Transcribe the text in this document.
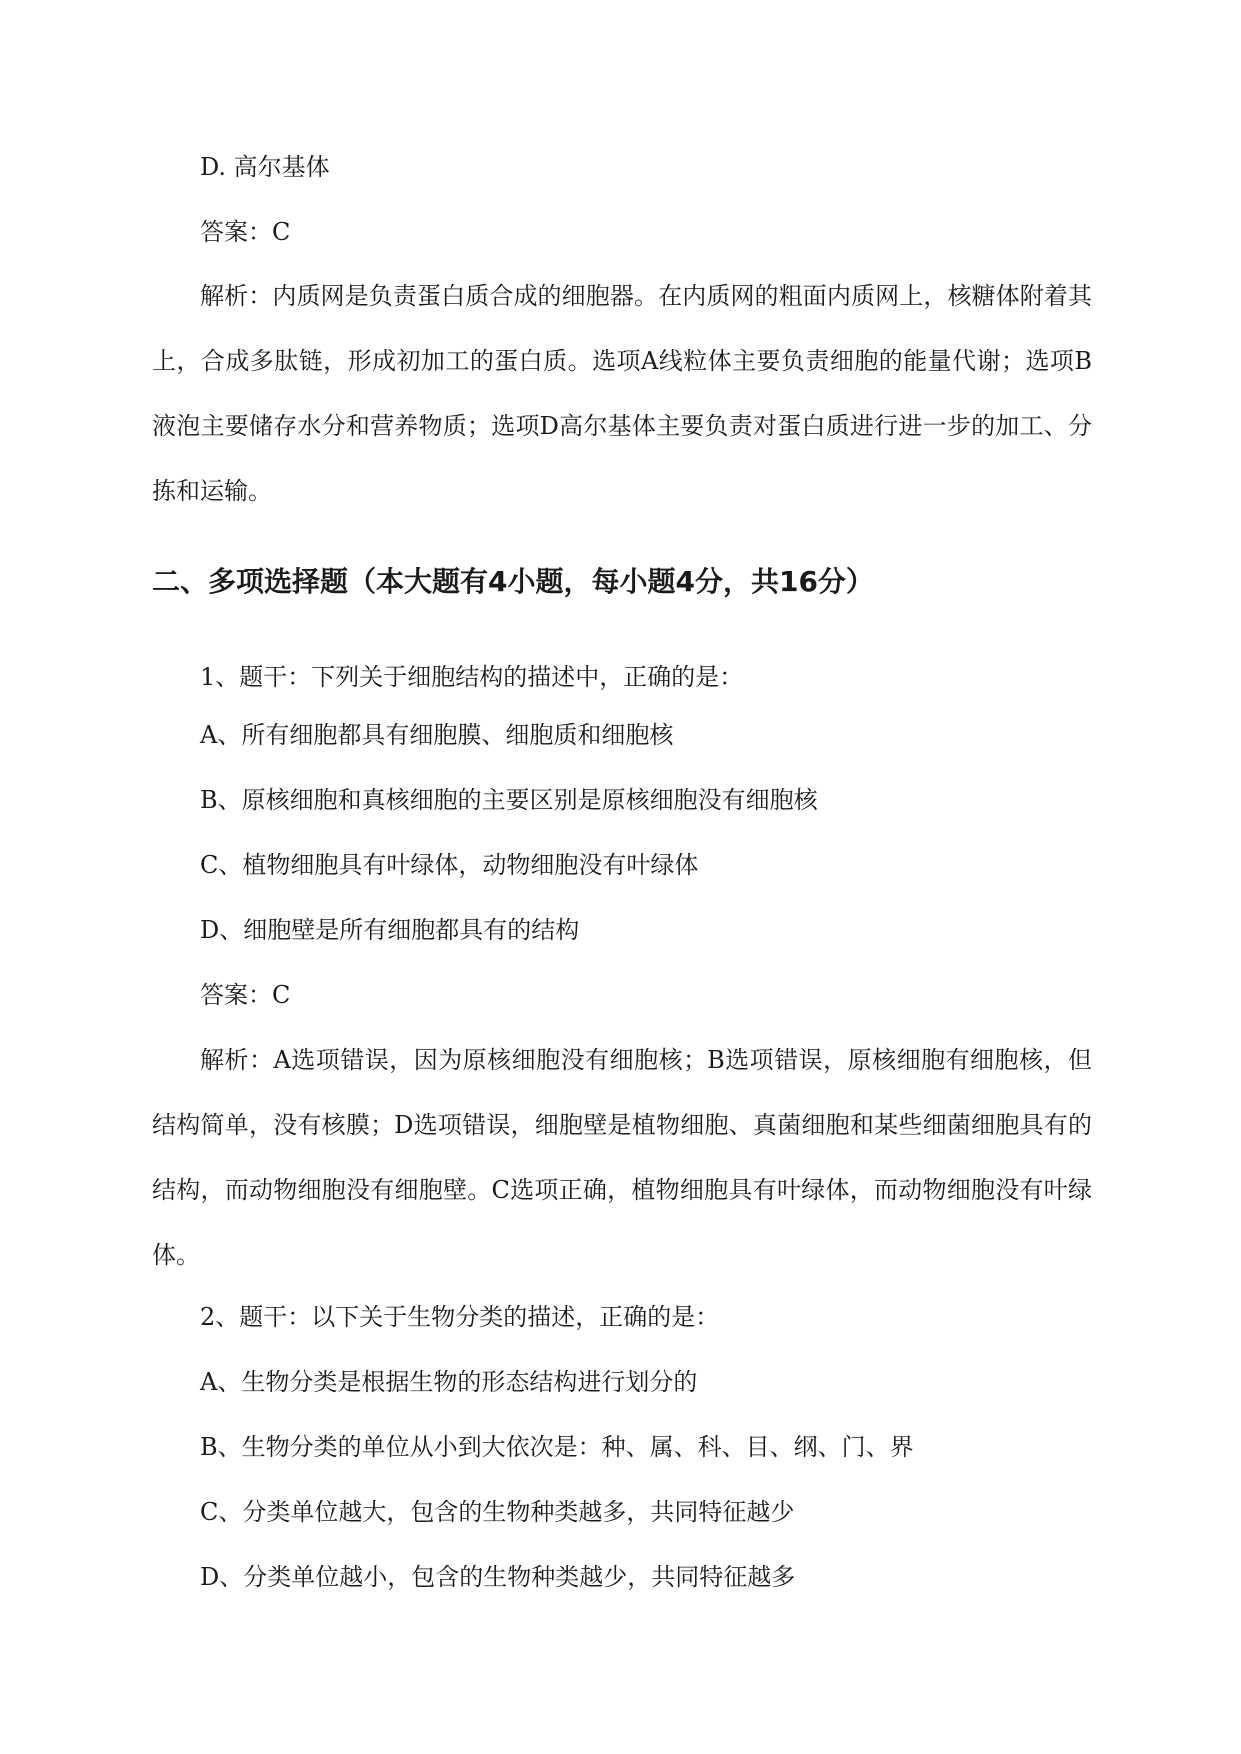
D. 高尔基体
答案：C
解析：内质网是负责蛋白质合成的细胞器。在内质网的粗面内质网上，核糖体附着其上，合成多肽链，形成初加工的蛋白质。选项A线粒体主要负责细胞的能量代谢；选项B液泡主要储存水分和营养物质；选项D高尔基体主要负责对蛋白质进行进一步的加工、分拣和运输。
二、多项选择题（本大题有4小题，每小题4分，共16分）
1、题干：下列关于细胞结构的描述中，正确的是：
A、所有细胞都具有细胞膜、细胞质和细胞核
B、原核细胞和真核细胞的主要区别是原核细胞没有细胞核
C、植物细胞具有叶绿体，动物细胞没有叶绿体
D、细胞壁是所有细胞都具有的结构
答案：C
解析：A选项错误，因为原核细胞没有细胞核；B选项错误，原核细胞有细胞核，但结构简单，没有核膜；D选项错误，细胞壁是植物细胞、真菌细胞和某些细菌细胞具有的结构，而动物细胞没有细胞壁。C选项正确，植物细胞具有叶绿体，而动物细胞没有叶绿体。
2、题干：以下关于生物分类的描述，正确的是：
A、生物分类是根据生物的形态结构进行划分的
B、生物分类的单位从小到大依次是：种、属、科、目、纲、门、界
C、分类单位越大，包含的生物种类越多，共同特征越少
D、分类单位越小，包含的生物种类越少，共同特征越多
